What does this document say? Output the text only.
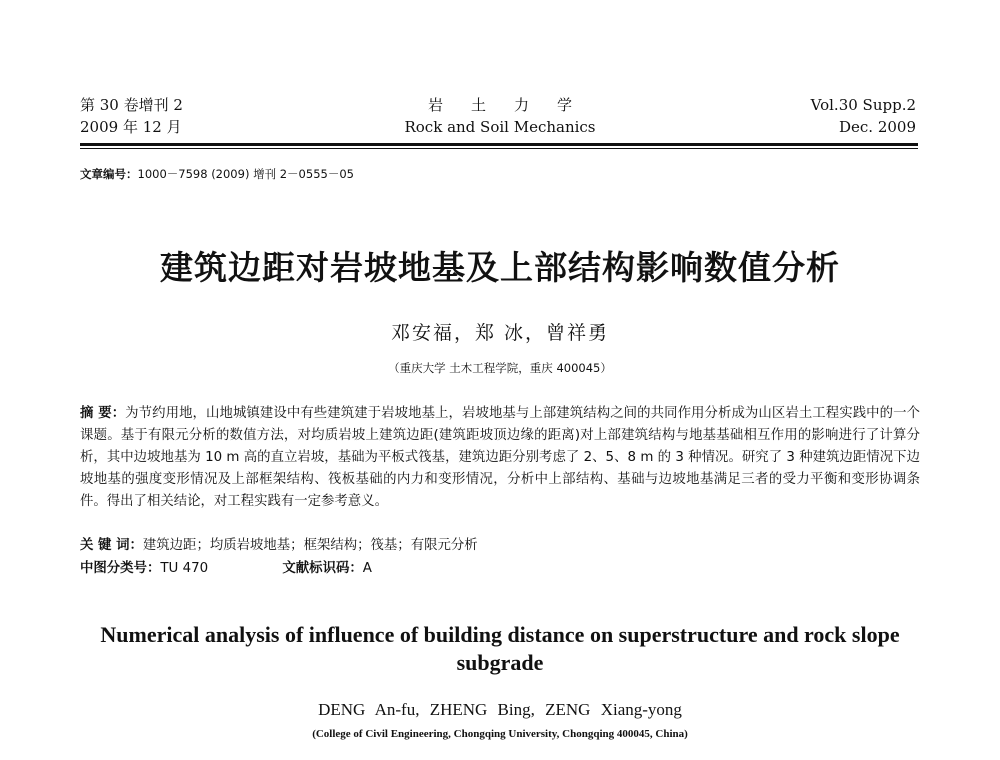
第 30 卷增刊 2
2009 年 12 月
岩土力学
Rock and Soil Mechanics
Vol.30 Supp.2
Dec. 2009
文章编号：1000－7598 (2009) 增刊 2－0555－05
建筑边距对岩坡地基及上部结构影响数值分析
邓安福，郑 冰，曾祥勇
（重庆大学 土木工程学院，重庆 400045）
摘 要：为节约用地，山地城镇建设中有些建筑建于岩坡地基上，岩坡地基与上部建筑结构之间的共同作用分析成为山区岩土工程实践中的一个课题。基于有限元分析的数值方法，对均质岩坡上建筑边距(建筑距坡顶边缘的距离)对上部建筑结构与地基基础相互作用的影响进行了计算分析，其中边坡地基为 10 m 高的直立岩坡，基础为平板式筏基，建筑边距分别考虑了 2、5、8 m 的 3 种情况。研究了 3 种建筑边距情况下边坡地基的强度变形情况及上部框架结构、筏板基础的内力和变形情况，分析中上部结构、基础与边坡地基满足三者的受力平衡和变形协调条件。得出了相关结论，对工程实践有一定参考意义。
关 键 词：建筑边距；均质岩坡地基；框架结构；筏基；有限元分析
中图分类号：TU 470	文献标识码：A
Numerical analysis of influence of building distance on superstructure and rock slope subgrade
DENG An-fu, ZHENG Bing, ZENG Xiang-yong
(College of Civil Engineering, Chongqing University, Chongqing 400045, China)
